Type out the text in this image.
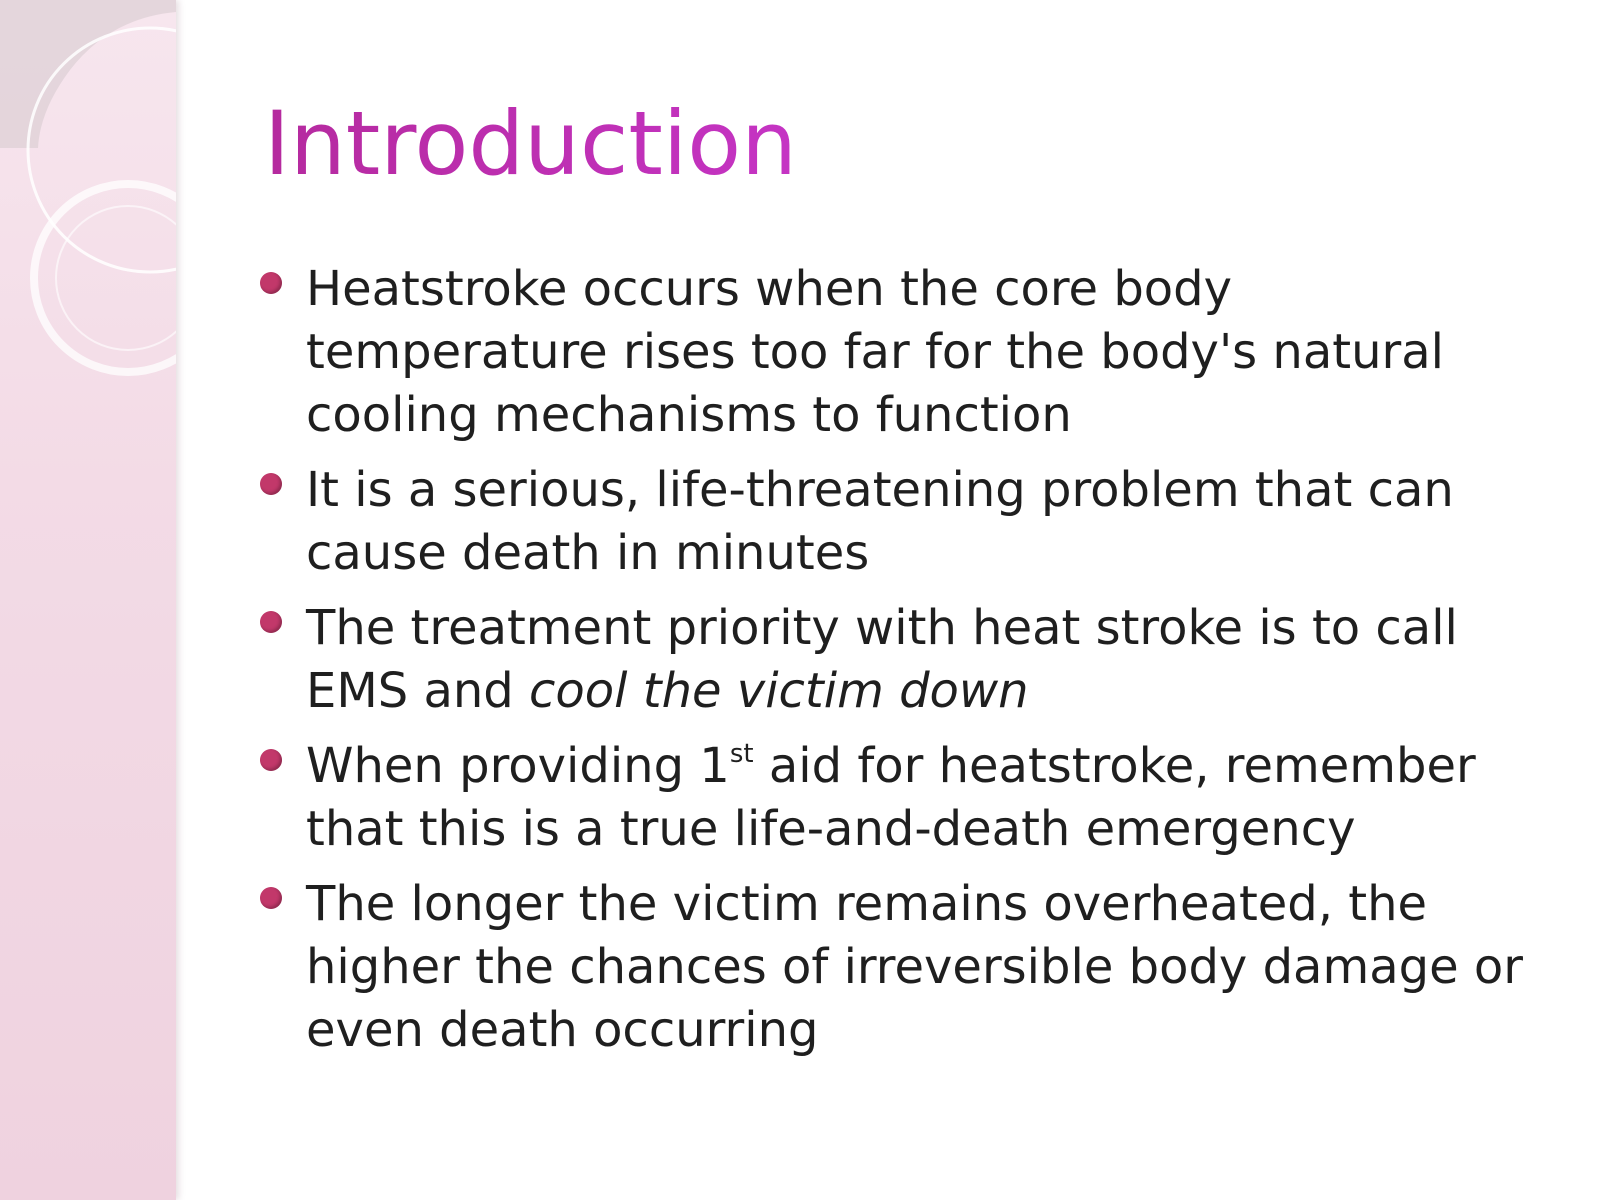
Introduction
Heatstroke occurs when the core body temperature rises too far for the body's natural cooling mechanisms to function
It is a serious, life-threatening problem that can cause death in minutes
The treatment priority with heat stroke is to call EMS and cool the victim down
When providing 1st aid for heatstroke, remember that this is a true life-and-death emergency
The longer the victim remains overheated, the higher the chances of irreversible body damage or even death occurring
